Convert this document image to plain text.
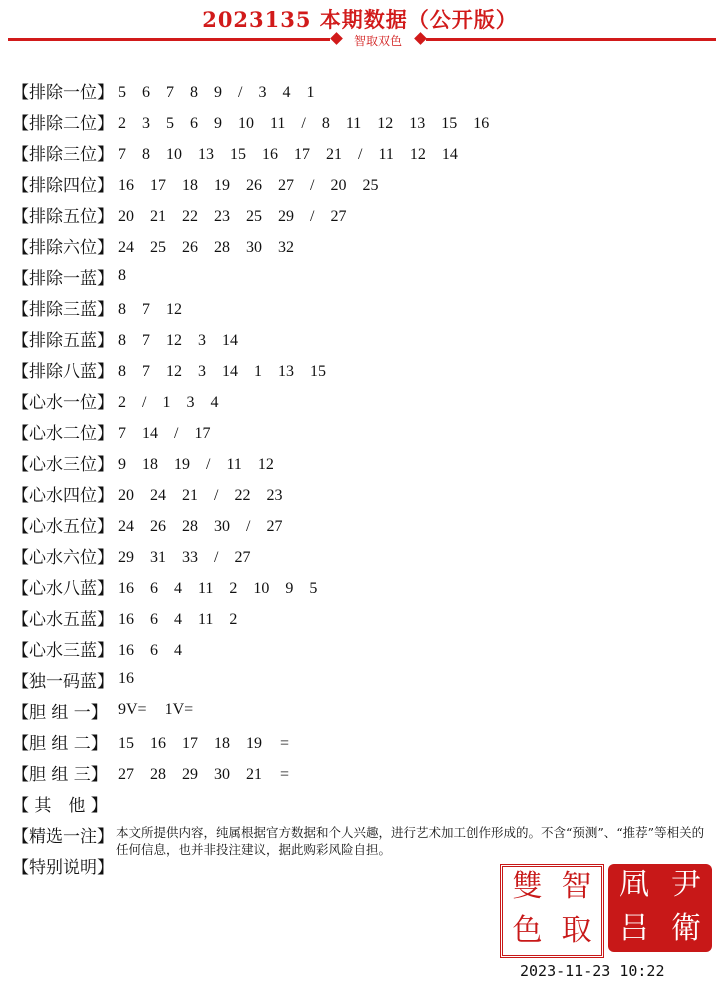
2023135 本期数据（公开版）
智取双色
【排除一位】 5　6　7　8　9　/　3　4　1
【排除二位】 2　3　5　6　9　10　11　/　8　11　12　13　15　16
【排除三位】 7　8　10　13　15　16　17　21　/　11　12　14
【排除四位】 16　17　18　19　26　27　/　20　25
【排除五位】 20　21　22　23　25　29　/　27
【排除六位】 24　25　26　28　30　32
【排除一蓝】 8
【排除三蓝】 8　7　12
【排除五蓝】 8　7　12　3　14
【排除八蓝】 8　7　12　3　14　1　13　15
【心水一位】 2　/　1　3　4
【心水二位】 7　14　/　17
【心水三位】 9　18　19　/　11　12
【心水四位】 20　24　21　/　22　23
【心水五位】 24　26　28　30　/　27
【心水六位】 29　31　33　/　27
【心水八蓝】 16　6　4　11　2　10　9　5
【心水五蓝】 16　6　4　11　2
【心水三蓝】 16　6　4
【独一码蓝】 16
【胆 组 一】 9V= 1V=
【胆 组 二】 15　16　17　18　19 =
【胆 组 三】 27　28　29　30　21 =
【 其　他 】
【精选一注】
【特别说明】
本文所提供内容，纯属根据官方数据和个人兴趣，进行艺术加工创作形成的。不含“预测”、“推荐”等相关的任何信息，也并非投注建议，据此购彩风险自担。
雙 智
色 取
凮 尹
吕 衛
2023-11-23 10:22
